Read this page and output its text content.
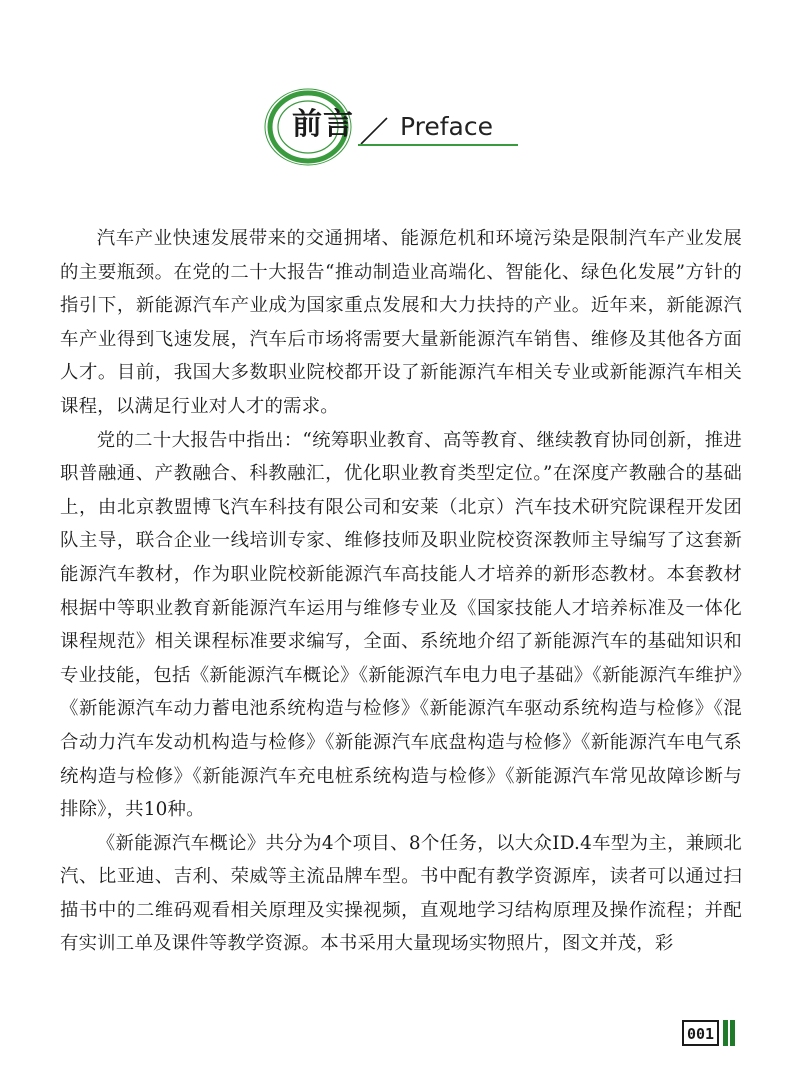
前言 Preface

汽车产业快速发展带来的交通拥堵、能源危机和环境污染是限制汽车产业发展的主要瓶颈。在党的二十大报告“推动制造业高端化、智能化、绿色化发展”方针的指引下，新能源汽车产业成为国家重点发展和大力扶持的产业。近年来，新能源汽车产业得到飞速发展，汽车后市场将需要大量新能源汽车销售、维修及其他各方面人才。目前，我国大多数职业院校都开设了新能源汽车相关专业或新能源汽车相关课程，以满足行业对人才的需求。

党的二十大报告中指出：“统筹职业教育、高等教育、继续教育协同创新，推进职普融通、产教融合、科教融汇，优化职业教育类型定位。”在深度产教融合的基础上，由北京教盟博飞汽车科技有限公司和安莱（北京）汽车技术研究院课程开发团队主导，联合企业一线培训专家、维修技师及职业院校资深教师主导编写了这套新能源汽车教材，作为职业院校新能源汽车高技能人才培养的新形态教材。本套教材根据中等职业教育新能源汽车运用与维修专业及《国家技能人才培养标准及一体化课程规范》相关课程标准要求编写，全面、系统地介绍了新能源汽车的基础知识和专业技能，包括《新能源汽车概论》《新能源汽车电力电子基础》《新能源汽车维护》《新能源汽车动力蓄电池系统构造与检修》《新能源汽车驱动系统构造与检修》《混合动力汽车发动机构造与检修》《新能源汽车底盘构造与检修》《新能源汽车电气系统构造与检修》《新能源汽车充电桩系统构造与检修》《新能源汽车常见故障诊断与排除》，共10种。

《新能源汽车概论》共分为4个项目、8个任务，以大众ID.4车型为主，兼顾北汽、比亚迪、吉利、荣威等主流品牌车型。书中配有教学资源库，读者可以通过扫描书中的二维码观看相关原理及实操视频，直观地学习结构原理及操作流程；并配有实训工单及课件等教学资源。本书采用大量现场实物照片，图文并茂，彩

001
